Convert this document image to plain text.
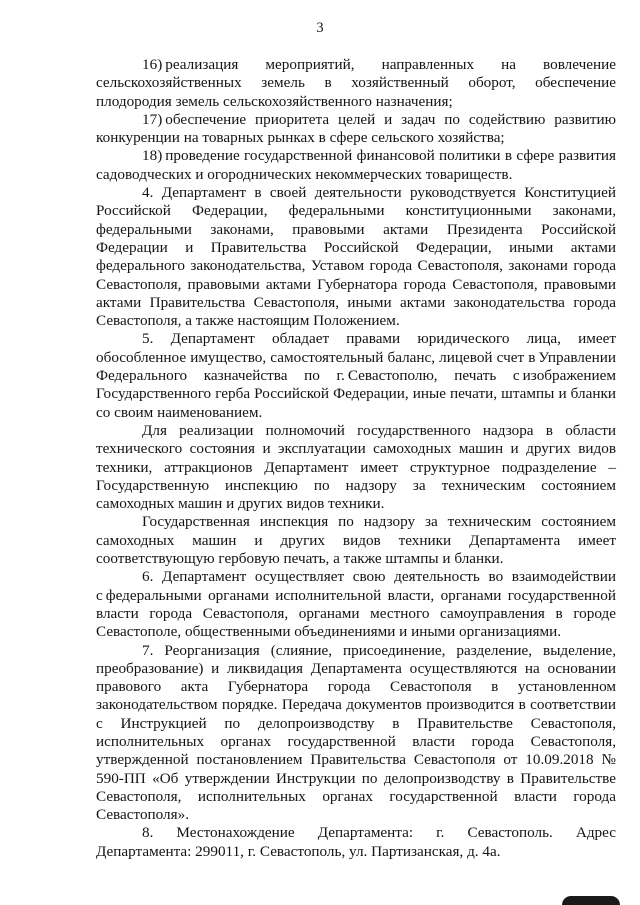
3

16) реализация мероприятий, направленных на вовлечение сельскохозяйственных земель в хозяйственный оборот, обеспечение плодородия земель сельскохозяйственного назначения;

17) обеспечение приоритета целей и задач по содействию развитию конкуренции на товарных рынках в сфере сельского хозяйства;

18) проведение государственной финансовой политики в сфере развития садоводческих и огороднических некоммерческих товариществ.

4. Департамент в своей деятельности руководствуется Конституцией Российской Федерации, федеральными конституционными законами, федеральными законами, правовыми актами Президента Российской Федерации и Правительства Российской Федерации, иными актами федерального законодательства, Уставом города Севастополя, законами города Севастополя, правовыми актами Губернатора города Севастополя, правовыми актами Правительства Севастополя, иными актами законодательства города Севастополя, а также настоящим Положением.

5. Департамент обладает правами юридического лица, имеет обособленное имущество, самостоятельный баланс, лицевой счет в Управлении Федерального казначейства по г. Севастополю, печать с изображением Государственного герба Российской Федерации, иные печати, штампы и бланки со своим наименованием.

Для реализации полномочий государственного надзора в области технического состояния и эксплуатации самоходных машин и других видов техники, аттракционов Департамент имеет структурное подразделение – Государственную инспекцию по надзору за техническим состоянием самоходных машин и других видов техники.

Государственная инспекция по надзору за техническим состоянием самоходных машин и других видов техники Департамента имеет соответствующую гербовую печать, а также штампы и бланки.

6. Департамент осуществляет свою деятельность во взаимодействии с федеральными органами исполнительной власти, органами государственной власти города Севастополя, органами местного самоуправления в городе Севастополе, общественными объединениями и иными организациями.

7. Реорганизация (слияние, присоединение, разделение, выделение, преобразование) и ликвидация Департамента осуществляются на основании правового акта Губернатора города Севастополя в установленном законодательством порядке. Передача документов производится в соответствии с Инструкцией по делопроизводству в Правительстве Севастополя, исполнительных органах государственной власти города Севастополя, утвержденной постановлением Правительства Севастополя от 10.09.2018 № 590-ПП «Об утверждении Инструкции по делопроизводству в Правительстве Севастополя, исполнительных органах государственной власти города Севастополя».

8. Местонахождение Департамента: г. Севастополь. Адрес Департамента: 299011, г. Севастополь, ул. Партизанская, д. 4а.
